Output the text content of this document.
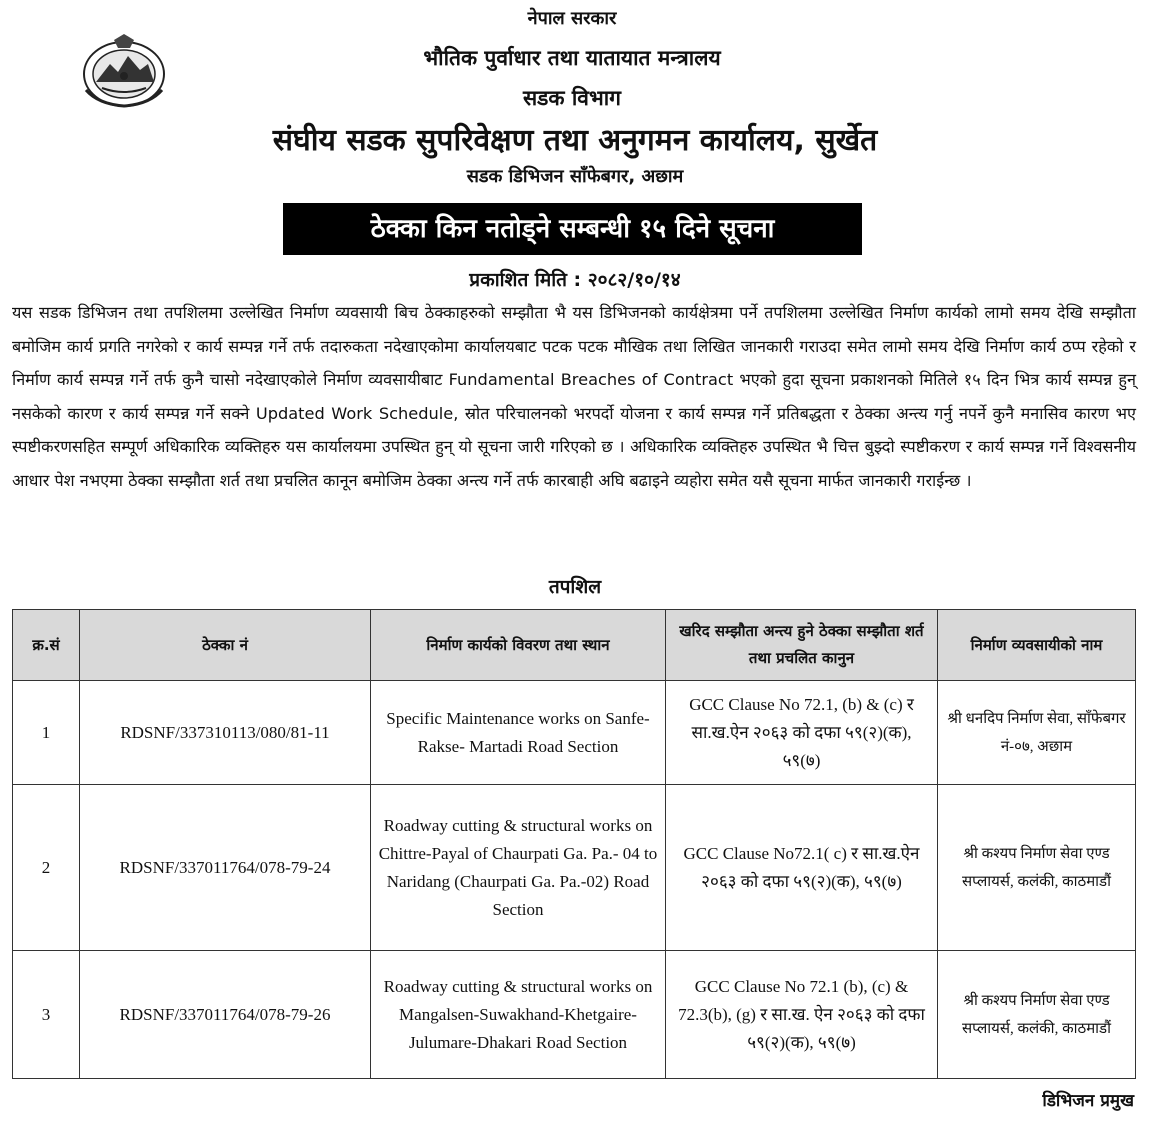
नेपाल सरकार
भौतिक पुर्वाधार तथा यातायात मन्त्रालय
सडक विभाग
संघीय सडक सुपरिवेक्षण तथा अनुगमन कार्यालय, सुर्खेत
सडक डिभिजन साँफेबगर, अछाम
ठेक्का किन नतोड्ने सम्बन्धी १५ दिने सूचना
प्रकाशित मिति : २०८२/१०/१४
यस सडक डिभिजन तथा तपशिलमा उल्लेखित निर्माण व्यवसायी बिच ठेक्काहरुको सम्झौता भै यस डिभिजनको कार्यक्षेत्रमा पर्ने तपशिलमा उल्लेखित निर्माण कार्यको लामो समय देखि सम्झौता बमोजिम कार्य प्रगति नगरेको र कार्य सम्पन्न गर्ने तर्फ तदारुकता नदेखाएकोमा कार्यालयबाट पटक पटक मौखिक तथा लिखित जानकारी गराउदा समेत लामो समय देखि निर्माण कार्य ठप्प रहेको र निर्माण कार्य सम्पन्न गर्ने तर्फ कुनै चासो नदेखाएकोले निर्माण व्यवसायीबाट Fundamental Breaches of Contract भएको हुदा सूचना प्रकाशनको मितिले १५ दिन भित्र कार्य सम्पन्न हुन् नसकेको कारण र कार्य सम्पन्न गर्ने सक्ने Updated Work Schedule, स्रोत परिचालनको भरपर्दो योजना र कार्य सम्पन्न गर्ने प्रतिबद्धता र ठेक्का अन्त्य गर्नु नपर्ने कुनै मनासिव कारण भए स्पष्टीकरणसहित सम्पूर्ण अधिकारिक व्यक्तिहरु यस कार्यालयमा उपस्थित हुन् यो सूचना जारी गरिएको छ । अधिकारिक व्यक्तिहरु उपस्थित भै चित्त बुझ्दो स्पष्टीकरण र कार्य सम्पन्न गर्ने विश्वसनीय आधार पेश नभएमा ठेक्का सम्झौता शर्त तथा प्रचलित कानून बमोजिम ठेक्का अन्त्य गर्ने तर्फ कारबाही अघि बढाइने व्यहोरा समेत यसै सूचना मार्फत जानकारी गराईन्छ ।
तपशिल
क्र.सं	ठेक्का नं	निर्माण कार्यको विवरण तथा स्थान	खरिद सम्झौता अन्त्य हुने ठेक्का सम्झौता शर्त तथा प्रचलित कानुन	निर्माण व्यवसायीको नाम
1	RDSNF/337310113/080/81-11	Specific Maintenance works on Sanfe- Rakse- Martadi Road Section	GCC Clause No 72.1, (b) & (c) र सा.ख.ऐन २०६३ को दफा ५९(२)(क), ५९(७)	श्री धनदिप निर्माण सेवा, साँफेबगर नं-०७, अछाम
2	RDSNF/337011764/078-79-24	Roadway cutting & structural works on Chittre-Payal of Chaurpati Ga. Pa.- 04 to Naridang (Chaurpati Ga. Pa.-02) Road Section	GCC Clause No72.1( c) र सा.ख.ऐन २०६३ को दफा ५९(२)(क), ५९(७)	श्री कश्यप निर्माण सेवा एण्ड सप्लायर्स, कलंकी, काठमाडौं
3	RDSNF/337011764/078-79-26	Roadway cutting & structural works on Mangalsen-Suwakhand-Khetgaire-Julumare-Dhakari Road Section	GCC Clause No 72.1 (b), (c) & 72.3(b), (g) र सा.ख. ऐन २०६३ को दफा ५९(२)(क), ५९(७)	श्री कश्यप निर्माण सेवा एण्ड सप्लायर्स, कलंकी, काठमाडौं
डिभिजन प्रमुख
